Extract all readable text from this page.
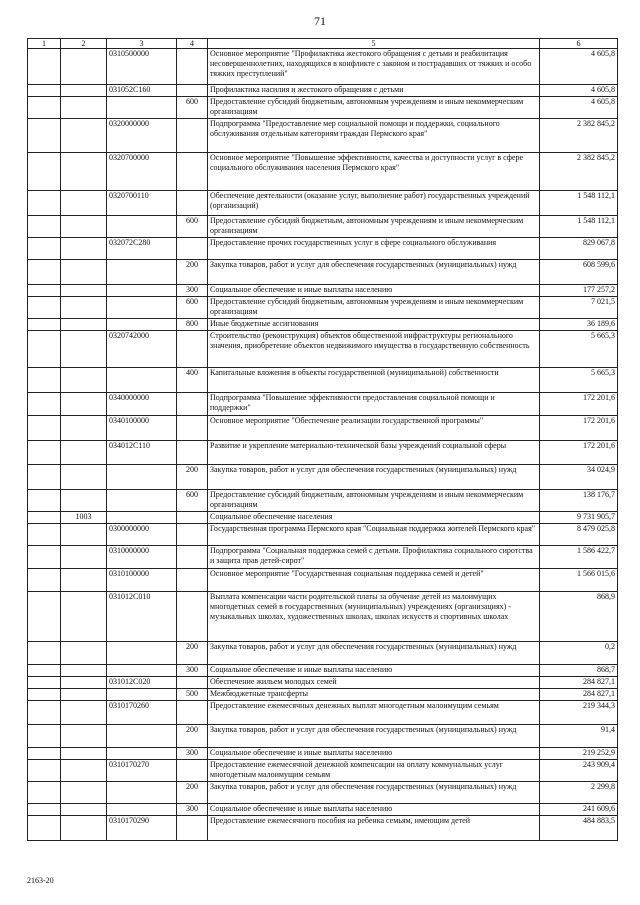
71
1	2	3	4	5	6
		0310500000		Основное мероприятие "Профилактика жестокого обращения с детьми и реабилитация несовершеннолетних, находящихся в конфликте с законом и пострадавших от тяжких и особо тяжких преступлений"	4 605,8
		031052С160		Профилактика насилия и жестокого обращения с детьми	4 605,8
			600	Предоставление субсидий бюджетным, автономным учреждениям и иным некоммерческим организациям	4 605,8
		0320000000		Подпрограмма "Предоставление мер социальной помощи и поддержки, социального обслуживания отдельным категориям граждан Пермского края"	2 382 845,2
		0320700000		Основное мероприятие "Повышение эффективности, качества и доступности услуг в сфере социального обслуживания населения Пермского края"	2 382 845,2
		0320700110		Обеспечение деятельности (оказание услуг, выполнение работ) государственных учреждений (организаций)	1 548 112,1
			600	Предоставление субсидий бюджетным, автономным учреждениям и иным некоммерческим организациям	1 548 112,1
		032072С280		Предоставление прочих государственных услуг в сфере социального обслуживания	829 067,8
			200	Закупка товаров, работ и услуг для обеспечения государственных (муниципальных) нужд	608 599,6
			300	Социальное обеспечение и иные выплаты населению	177 257,2
			600	Предоставление субсидий бюджетным, автономным учреждениям и иным некоммерческим организациям	7 021,5
			800	Иные бюджетные ассигнования	36 189,6
		0320742000		Строительство (реконструкция) объектов общественной инфраструктуры регионального значения, приобретение объектов недвижимого имущества в государственную собственность	5 665,3
			400	Капитальные вложения в объекты государственной (муниципальной) собственности	5 665,3
		0340000000		Подпрограмма "Повышение эффективности предоставления социальной помощи и поддержки"	172 201,6
		0340100000		Основное мероприятие "Обеспечение реализации государственной программы"	172 201,6
		034012С110		Развитие и укрепление материально-технической базы учреждений социальной сферы	172 201,6
			200	Закупка товаров, работ и услуг для обеспечения государственных (муниципальных) нужд	34 024,9
			600	Предоставление субсидий бюджетным, автономным учреждениям и иным некоммерческим организациям	138 176,7
	1003			Социальное обеспечение населения	9 731 905,7
		0300000000		Государственная программа Пермского края "Социальная поддержка жителей Пермского края"	8 479 025,8
		0310000000		Подпрограмма "Социальная поддержка семей с детьми. Профилактика социального сиротства и защита прав детей-сирот"	1 586 422,7
		0310100000		Основное мероприятие "Государственная социальная поддержка семей и детей"	1 566 015,6
		031012С010		Выплата компенсации части родительской платы за обучение детей из малоимущих многодетных семей в государственных (муниципальных) учреждениях (организациях) - музыкальных школах, художественных школах, школах искусств и спортивных школах	868,9
			200	Закупка товаров, работ и услуг для обеспечения государственных (муниципальных) нужд	0,2
			300	Социальное обеспечение и иные выплаты населению	868,7
		031012С020		Обеспечение жильем молодых семей	284 827,1
			500	Межбюджетные трансферты	284 827,1
		0310170260		Предоставление ежемесячных денежных выплат многодетным малоимущим семьям	219 344,3
			200	Закупка товаров, работ и услуг для обеспечения государственных (муниципальных) нужд	91,4
			300	Социальное обеспечение и иные выплаты населению	219 252,9
		0310170270		Предоставление ежемесячной денежной компенсации на оплату коммунальных услуг многодетным малоимущим семьям	243 909,4
			200	Закупка товаров, работ и услуг для обеспечения государственных (муниципальных) нужд	2 299,8
			300	Социальное обеспечение и иные выплаты населению	241 609,6
		0310170290		Предоставление ежемесячного пособия на ребенка семьям, имеющим детей	484 883,5
2163-20
